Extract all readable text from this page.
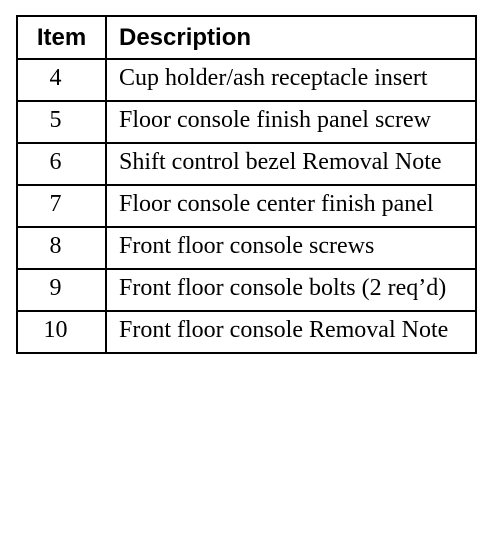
Item	Description
4	Cup holder/ash receptacle insert
5	Floor console finish panel screw
6	Shift control bezel Removal Note
7	Floor console center finish panel
8	Front floor console screws
9	Front floor console bolts (2 req’d)
10	Front floor console Removal Note
